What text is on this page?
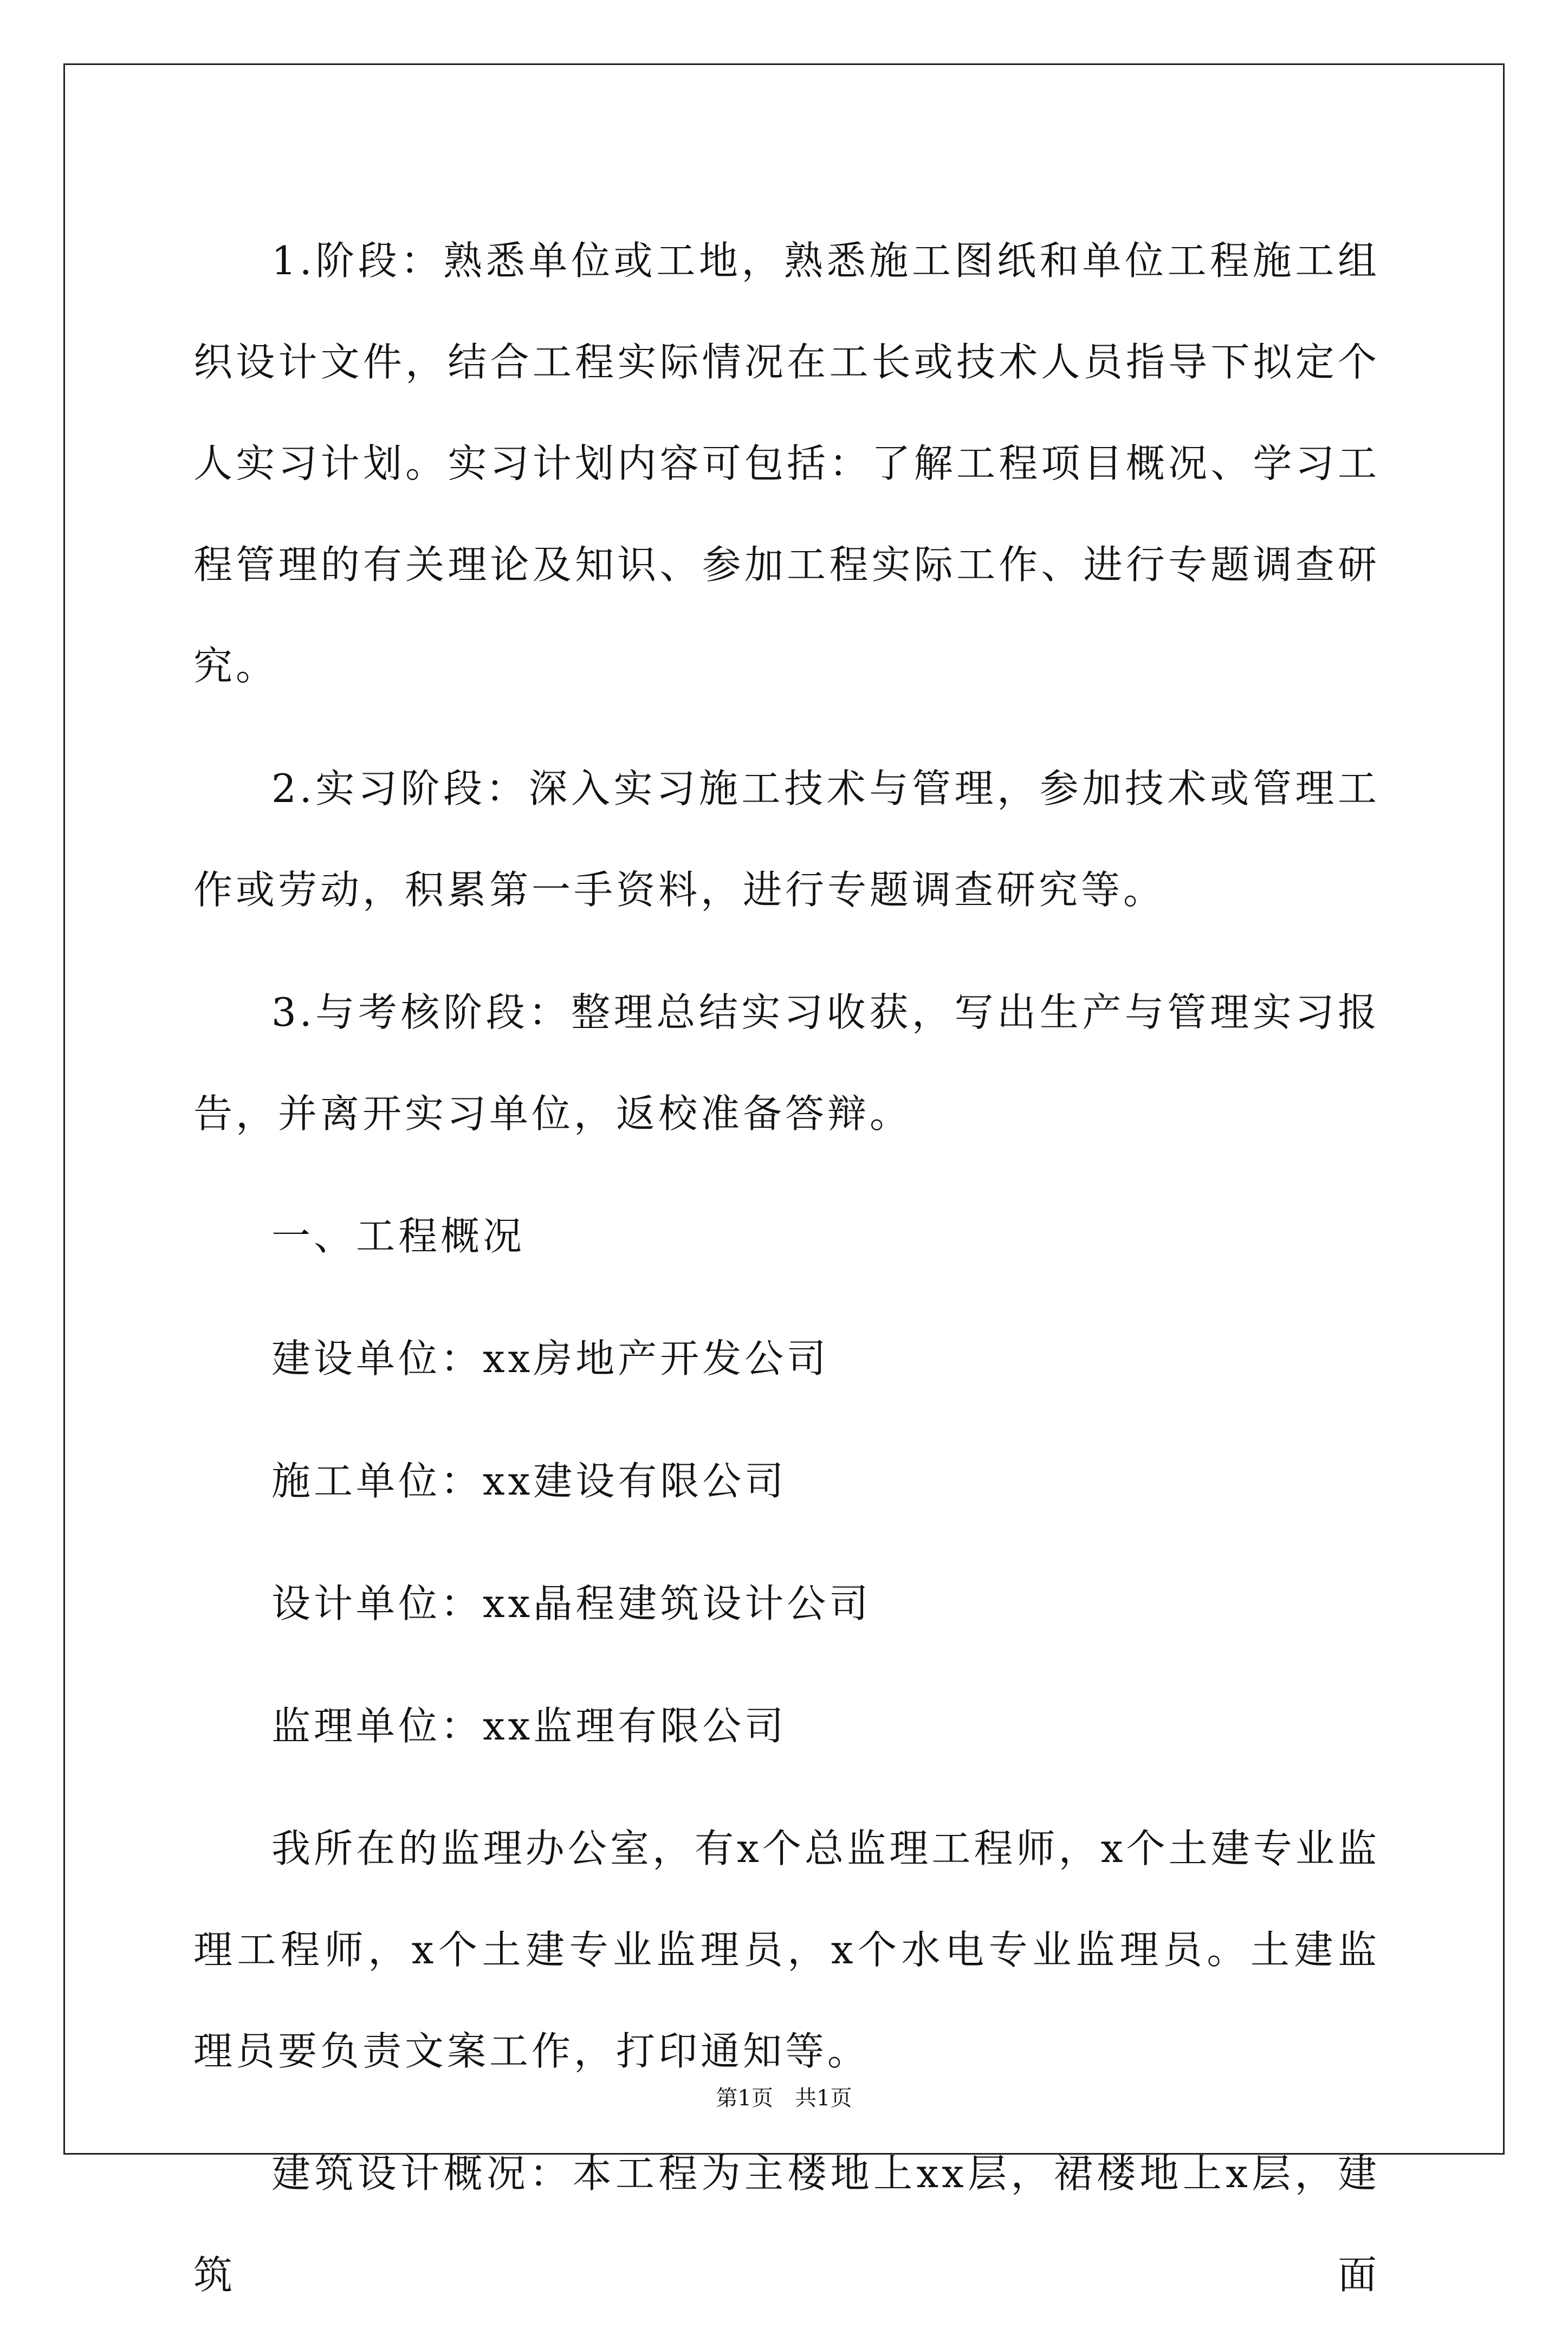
1.阶段：熟悉单位或工地，熟悉施工图纸和单位工程施工组织设计文件，结合工程实际情况在工长或技术人员指导下拟定个人实习计划。实习计划内容可包括：了解工程项目概况、学习工程管理的有关理论及知识、参加工程实际工作、进行专题调查研究。

2.实习阶段：深入实习施工技术与管理，参加技术或管理工作或劳动，积累第一手资料，进行专题调查研究等。

3.与考核阶段：整理总结实习收获，写出生产与管理实习报告，并离开实习单位，返校准备答辩。

一、工程概况

建设单位：xx房地产开发公司

施工单位：xx建设有限公司

设计单位：xx晶程建筑设计公司

监理单位：xx监理有限公司

我所在的监理办公室，有x个总监理工程师，x个土建专业监理工程师，x个土建专业监理员，x个水电专业监理员。土建监理员要负责文案工作，打印通知等。

建筑设计概况：本工程为主楼地上xx层，裙楼地上x层，建筑面

第1页 共1页
